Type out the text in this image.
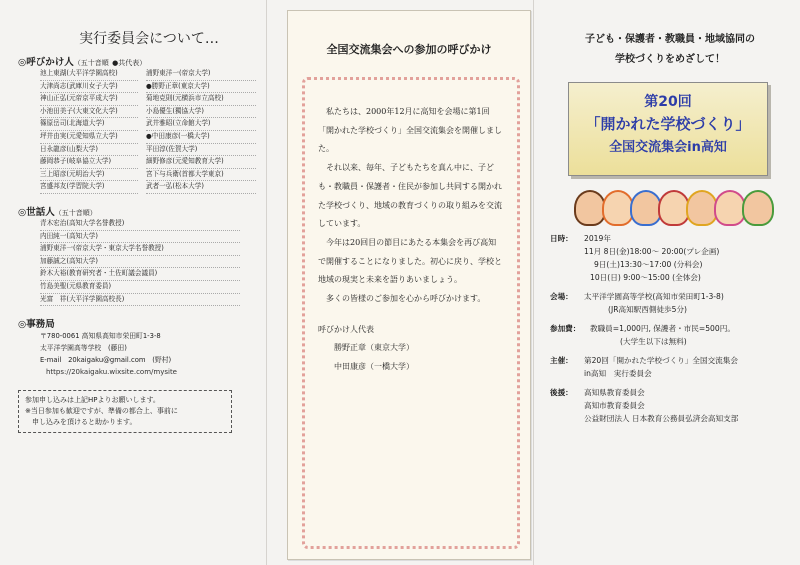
実行委員会について…
◎呼びかけ人（五十音順 ●共代表）
池上東湖(大平洋学園高校)	浦野東洋一(帝京大学)
大津尚志(武庫川女子大学)	●勝野正章(東京大学)
神山正弘(元帝京平成大学)	菊地克則(元横浜市立高校)
小池田美子(大東文化大学)	小島優生(獨協大学)
篠原岳司(北海道大学)	武井雅昭(立命館大学)
坪井由実(元愛知県立大学)	●中田康彦(一橋大学)
日永龍彦(山梨大学)	平田淳(佐賀大学)
藤岡恭子(岐阜協立大学)	細野修彦(元愛知教育大学)
三上昭彦(元明治大学)	宮下与兵衛(首都大学東京)
宮盛邦友(学習院大学)	武者一弘(松本大学)
◎世話人（五十音順）
青木宏治(高知大学名誉教授)
内田純一(高知大学)
浦野東洋一(帝京大学・東京大学名誉教授)
加藤誠之(高知大学)
鈴木大裕(教育研究者・土佐町議会議員)
竹島美聖(元県教育委員)
光富　祥(大平洋学園高校長)
◎事務局
〒780-0061 高知県高知市栄田町1-3-8
太平洋学園高等学校　(藤田)
E-mail　20kaigaku@gmail.com　(野村)
https://20kaigaku.wixsite.com/mysite
参加申し込みは上記HPよりお願いします。
※当日参加も歓迎ですが、準備の都合上、事前に
　申し込みを頂けると助かります。
全国交流集会への参加の呼びかけ

私たちは、2000年12月に高知を会場に第1回「開かれた学校づくり」全国交流集会を開催しました。

それ以来、毎年、子どもたちを真ん中に、子ども・教職員・保護者・住民が参加し共同する開かれた学校づくり、地域の教育づくりの取り組みを交流しています。

今年は20回目の節目にあたる本集会を再び高知で開催することになりました。初心に戻り、学校と地域の現実と未来を語りあいましょう。

多くの皆様のご参加を心から呼びかけます。

呼びかけ人代表
勝野正章（東京大学）
中田康彦（一橋大学）
子ども・保護者・教職員・地域協同の
学校づくりをめざして！
第20回
「開かれた学校づくり」
全国交流集会in高知
日時：	2019年
11月 8日(金)18:00～ 20:00(プレ企画)
9日(土)13:30～17:00 (分科会)
10日(日) 9:00～15:00 (全体会)
会場：	太平洋学園高等学校(高知市栄田町1-3-8)
(JR高知駅西側徒歩5分)
参加費：	教職員=1,000円, 保護者・市民=500円。
(大学生以下は無料)
主催：	第20回「開かれた学校づくり」全国交流集会
in高知　実行委員会
後援：	高知県教育委員会
高知市教育委員会
公益財団法人 日本教育公務員弘済会高知支部
